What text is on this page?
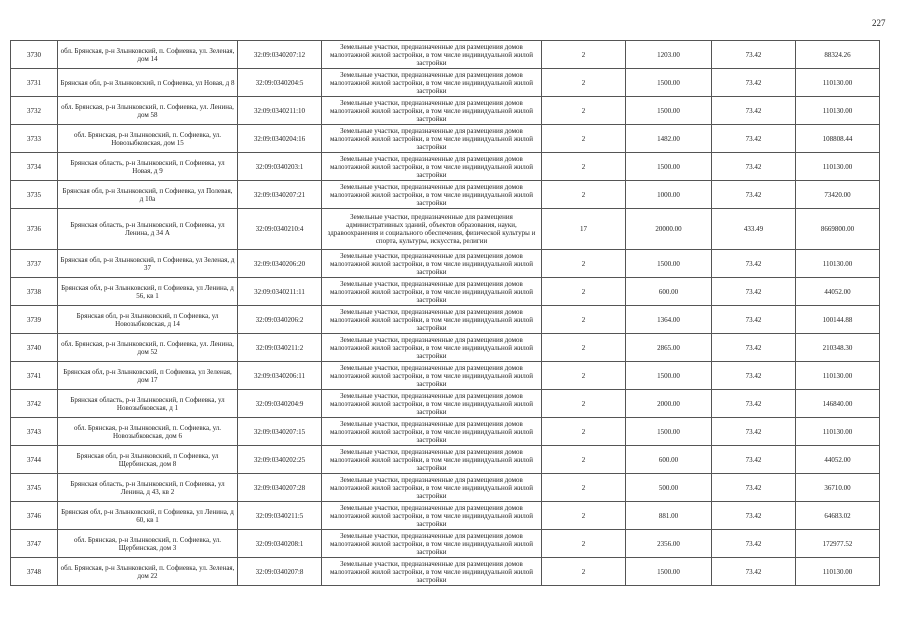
227
3730	обл. Брянская, р-н Злынковский, п. Софиевка, ул. Зеленая, дом 14	32:09:0340207:12	Земельные участки, предназначенные для размещения домов малоэтажной жилой застройки, в том числе индивидуальной жилой застройки	2	1203.00	73.42	88324.26
3731	Брянская обл, р-н Злынковский, п Софиевка, ул Новая, д 8	32:09:0340204:5	Земельные участки, предназначенные для размещения домов малоэтажной жилой застройки, в том числе индивидуальной жилой застройки	2	1500.00	73.42	110130.00
3732	обл. Брянская, р-н Злынковский, п. Софиевка, ул. Ленина, дом 58	32:09:0340211:10	Земельные участки, предназначенные для размещения домов малоэтажной жилой застройки, в том числе индивидуальной жилой застройки	2	1500.00	73.42	110130.00
3733	обл. Брянская, р-н Злынковский, п. Софиевка, ул. Новозыбковская, дом 15	32:09:0340204:16	Земельные участки, предназначенные для размещения домов малоэтажной жилой застройки, в том числе индивидуальной жилой застройки	2	1482.00	73.42	108808.44
3734	Брянская область, р-н Злынковский, п Софиевка, ул Новая, д 9	32:09:0340203:1	Земельные участки, предназначенные для размещения домов малоэтажной жилой застройки, в том числе индивидуальной жилой застройки	2	1500.00	73.42	110130.00
3735	Брянская обл, р-н Злынковский, п Софиевка, ул Полевая, д 10а	32:09:0340207:21	Земельные участки, предназначенные для размещения домов малоэтажной жилой застройки, в том числе индивидуальной жилой застройки	2	1000.00	73.42	73420.00
3736	Брянская область, р-н Злынковский, п Софиевка, ул Ленина, д 34 А	32:09:0340210:4	Земельные участки, предназначенные для размещения административных зданий, объектов образования, науки, здравоохранения и социального обеспечения, физической культуры и спорта, культуры, искусства, религии	17	20000.00	433.49	8669800.00
3737	Брянская обл, р-н Злынковский, п Софиевка, ул Зеленая, д 37	32:09:0340206:20	Земельные участки, предназначенные для размещения домов малоэтажной жилой застройки, в том числе индивидуальной жилой застройки	2	1500.00	73.42	110130.00
3738	Брянская обл, р-н Злынковский, п Софиевка, ул Ленина, д 56, кв 1	32:09:0340211:11	Земельные участки, предназначенные для размещения домов малоэтажной жилой застройки, в том числе индивидуальной жилой застройки	2	600.00	73.42	44052.00
3739	Брянская обл, р-н Злынковский, п Софиевка, ул Новозыбковская, д 14	32:09:0340206:2	Земельные участки, предназначенные для размещения домов малоэтажной жилой застройки, в том числе индивидуальной жилой застройки	2	1364.00	73.42	100144.88
3740	обл. Брянская, р-н Злынковский, п. Софиевка, ул. Ленина, дом 52	32:09:0340211:2	Земельные участки, предназначенные для размещения домов малоэтажной жилой застройки, в том числе индивидуальной жилой застройки	2	2865.00	73.42	210348.30
3741	Брянская обл, р-н Злынковский, п Софиевка, ул Зеленая, дом 17	32:09:0340206:11	Земельные участки, предназначенные для размещения домов малоэтажной жилой застройки, в том числе индивидуальной жилой застройки	2	1500.00	73.42	110130.00
3742	Брянская область, р-н Злынковский, п Софиевка, ул Новозыбковская, д 1	32:09:0340204:9	Земельные участки, предназначенные для размещения домов малоэтажной жилой застройки, в том числе индивидуальной жилой застройки	2	2000.00	73.42	146840.00
3743	обл. Брянская, р-н Злынковский, п. Софиевка, ул. Новозыбковская, дом 6	32:09:0340207:15	Земельные участки, предназначенные для размещения домов малоэтажной жилой застройки, в том числе индивидуальной жилой застройки	2	1500.00	73.42	110130.00
3744	Брянская обл, р-н Злынковский, п Софиевка, ул Щербинская, дом 8	32:09:0340202:25	Земельные участки, предназначенные для размещения домов малоэтажной жилой застройки, в том числе индивидуальной жилой застройки	2	600.00	73.42	44052.00
3745	Брянская область, р-н Злынковский, п Софиевка, ул Ленина, д 43, кв 2	32:09:0340207:28	Земельные участки, предназначенные для размещения домов малоэтажной жилой застройки, в том числе индивидуальной жилой застройки	2	500.00	73.42	36710.00
3746	Брянская обл, р-н Злынковский, п Софиевка, ул Ленина, д 60, кв 1	32:09:0340211:5	Земельные участки, предназначенные для размещения домов малоэтажной жилой застройки, в том числе индивидуальной жилой застройки	2	881.00	73.42	64683.02
3747	обл. Брянская, р-н Злынковский, п. Софиевка, ул. Щербинская, дом 3	32:09:0340208:1	Земельные участки, предназначенные для размещения домов малоэтажной жилой застройки, в том числе индивидуальной жилой застройки	2	2356.00	73.42	172977.52
3748	обл. Брянская, р-н Злынковский, п. Софиевка, ул. Зеленая, дом 22	32:09:0340207:8	Земельные участки, предназначенные для размещения домов малоэтажной жилой застройки, в том числе индивидуальной жилой застройки	2	1500.00	73.42	110130.00
